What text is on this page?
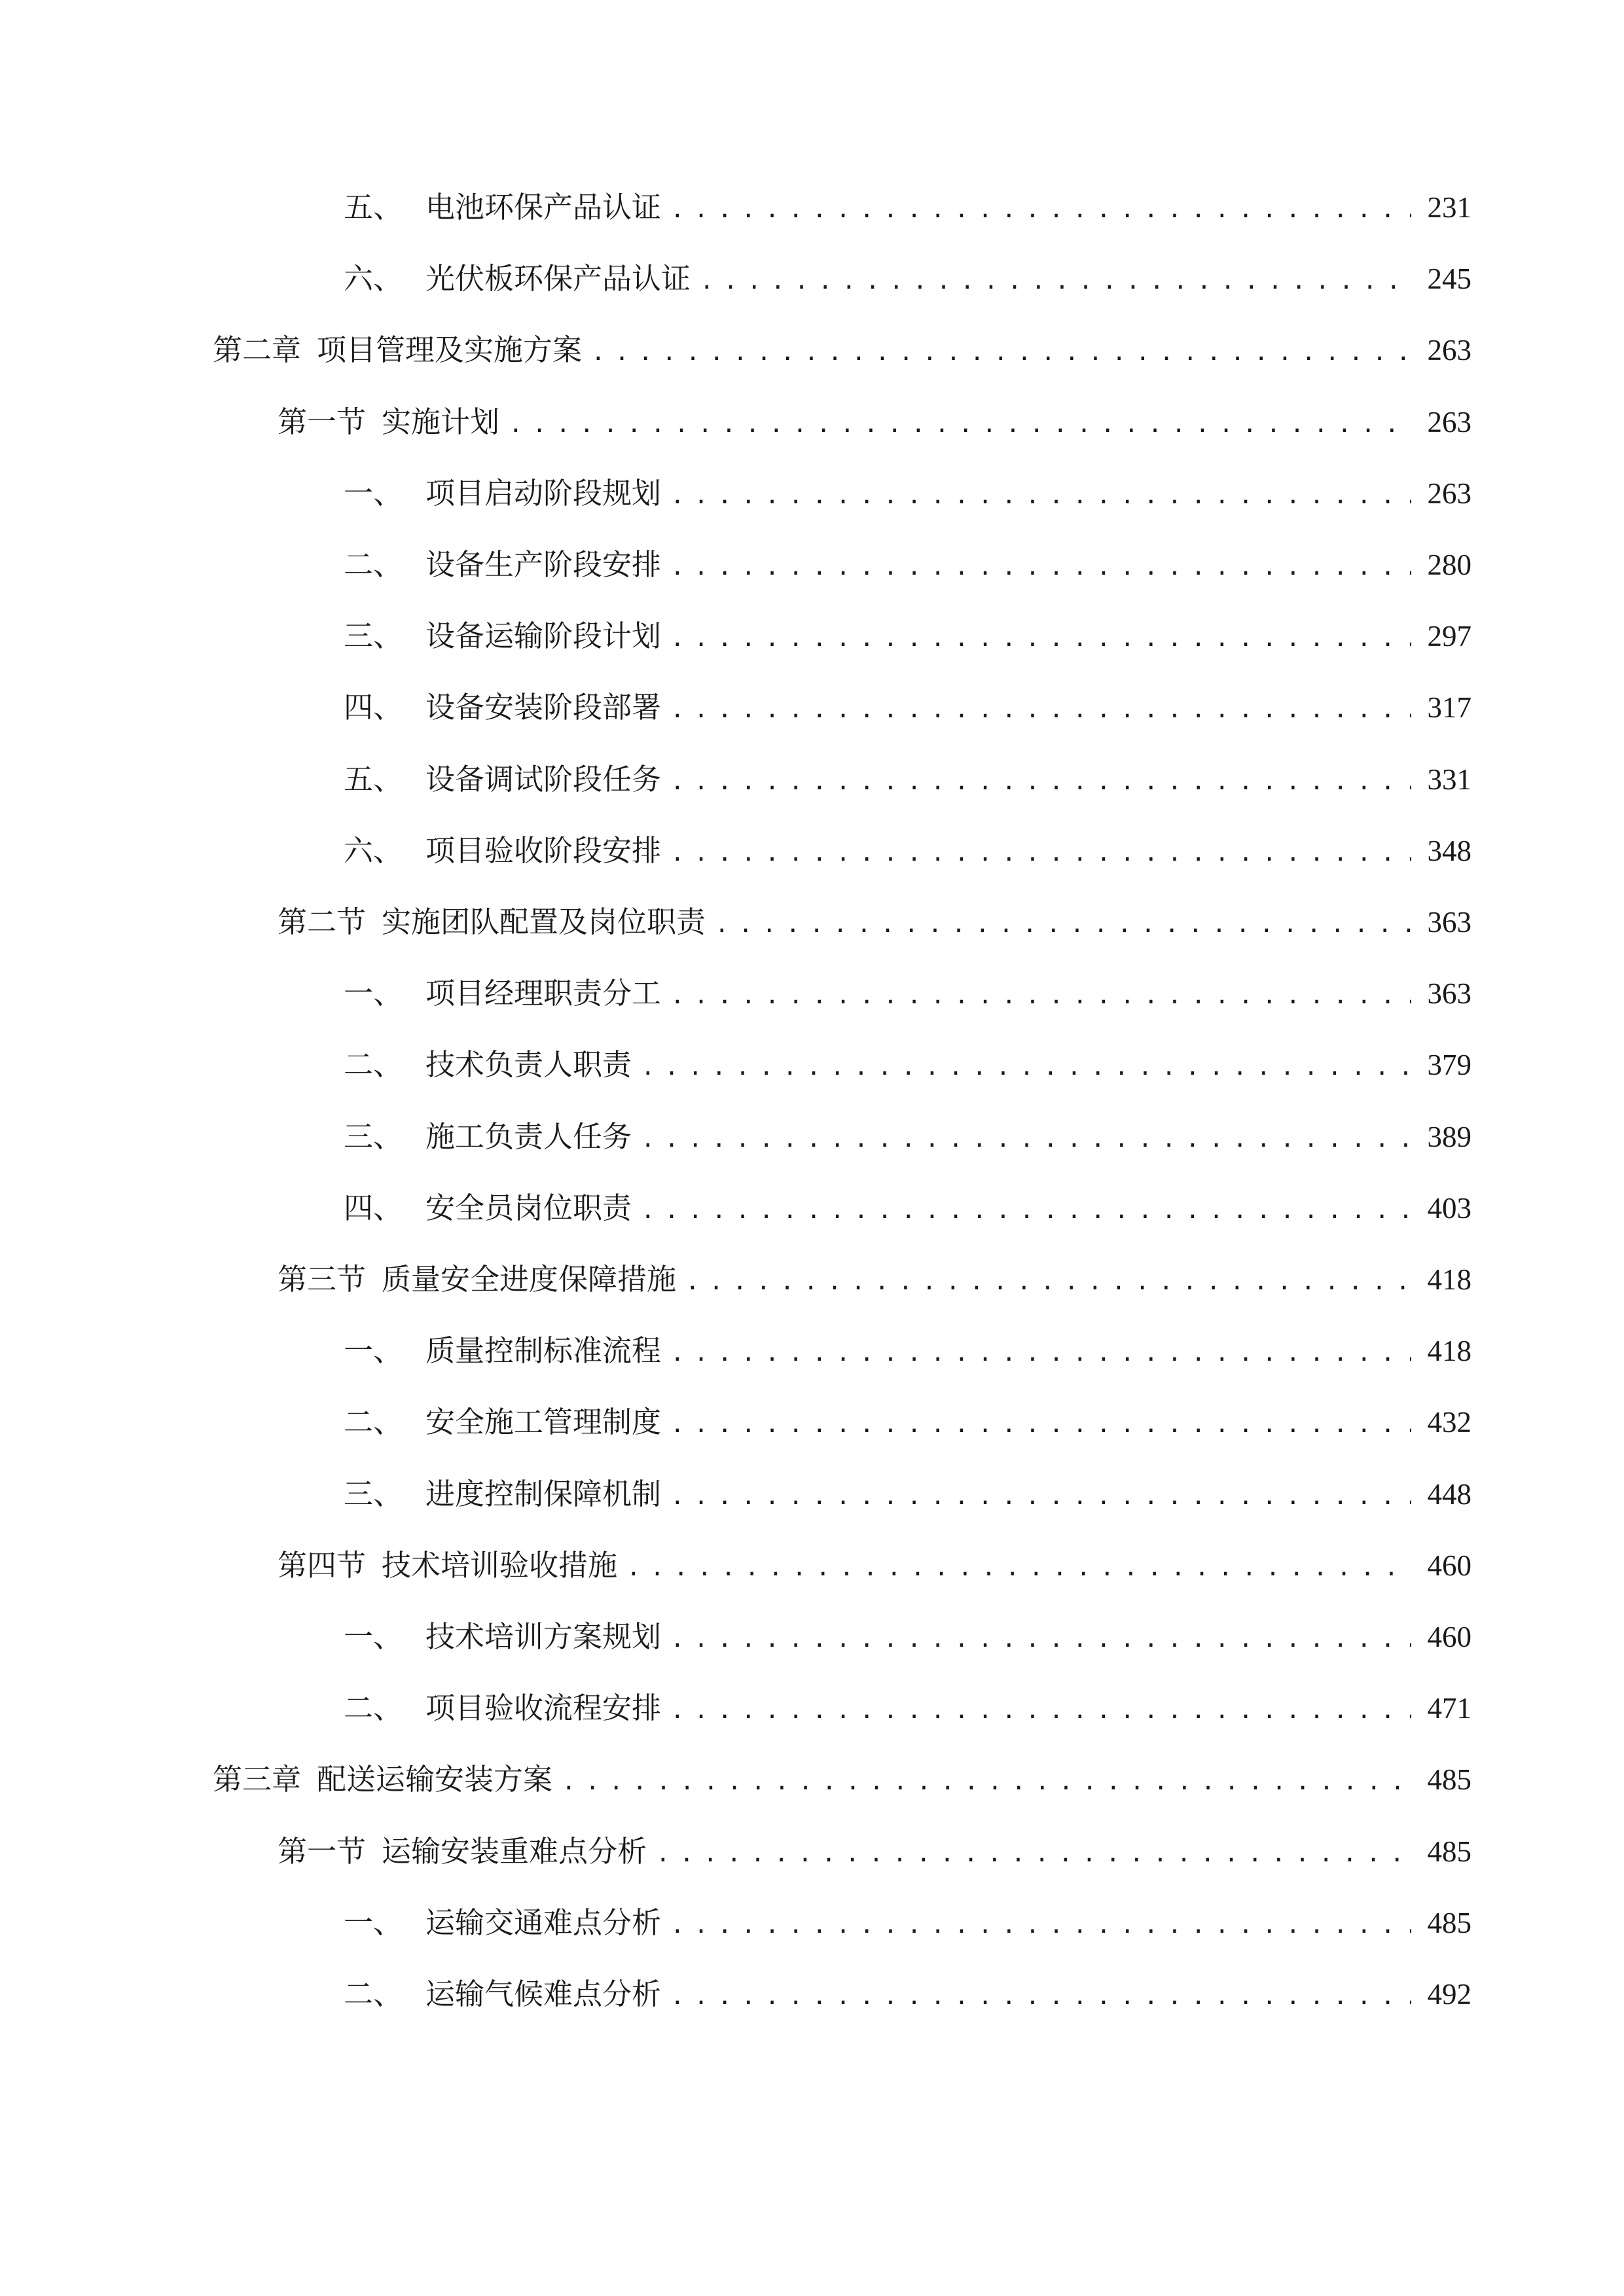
五、 电池环保产品认证 .....	231
六、 光伏板环保产品认证 .....	245
第二章 项目管理及实施方案 .....	263
第一节 实施计划 .....	263
一、 项目启动阶段规划 .....	263
二、 设备生产阶段安排 .....	280
三、 设备运输阶段计划 .....	297
四、 设备安装阶段部署 .....	317
五、 设备调试阶段任务 .....	331
六、 项目验收阶段安排 .....	348
第二节 实施团队配置及岗位职责 .....	363
一、 项目经理职责分工 .....	363
二、 技术负责人职责 .....	379
三、 施工负责人任务 .....	389
四、 安全员岗位职责 .....	403
第三节 质量安全进度保障措施 .....	418
一、 质量控制标准流程 .....	418
二、 安全施工管理制度 .....	432
三、 进度控制保障机制 .....	448
第四节 技术培训验收措施 .....	460
一、 技术培训方案规划 .....	460
二、 项目验收流程安排 .....	471
第三章 配送运输安装方案 .....	485
第一节 运输安装重难点分析 .....	485
一、 运输交通难点分析 .....	485
二、 运输气候难点分析 .....	492
